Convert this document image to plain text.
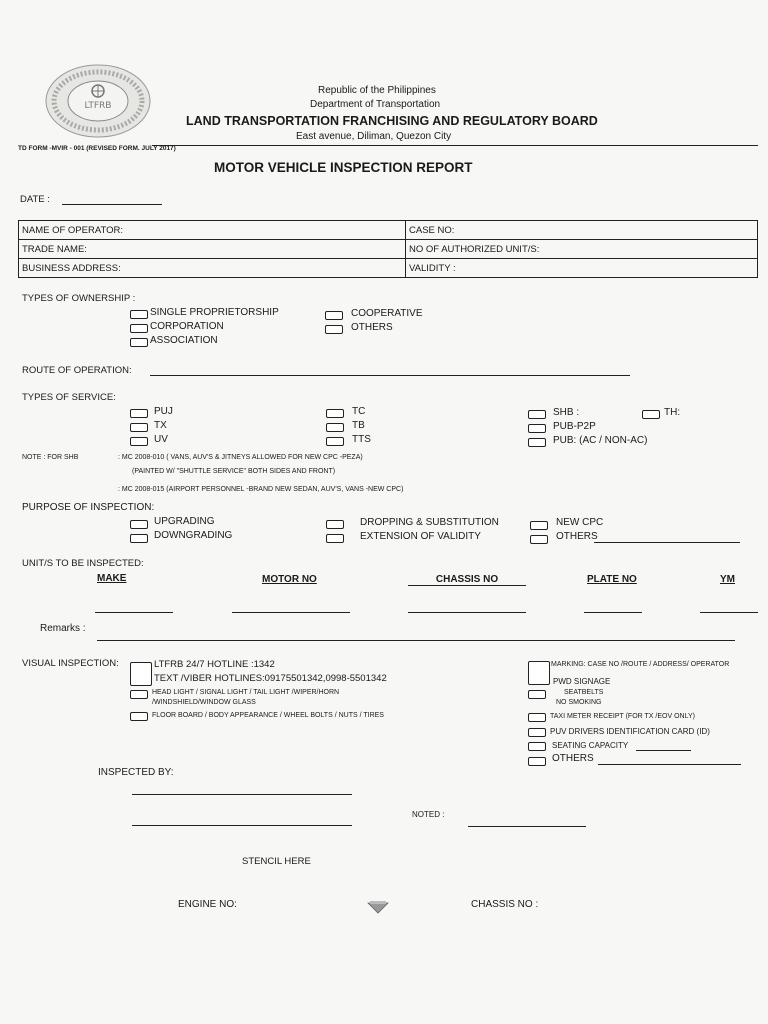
LTFRB
Republic of the Philippines
Department of Transportation
LAND TRANSPORTATION FRANCHISING AND REGULATORY BOARD
East avenue, Diliman, Quezon City
TD FORM -MVIR - 001 (REVISED FORM. JULY 2017)
MOTOR VEHICLE INSPECTION REPORT
DATE :
NAME OF OPERATOR:	CASE NO:
TRADE NAME:	NO OF AUTHORIZED UNIT/S:
BUSINESS ADDRESS:	VALIDITY :
TYPES OF OWNERSHIP :
SINGLE PROPRIETORSHIP
CORPORATION
ASSOCIATION
COOPERATIVE
OTHERS
ROUTE OF OPERATION:
TYPES OF SERVICE:
PUJ
TX
UV
TC
TB
TTS
SHB :
PUB-P2P
PUB: (AC / NON-AC)
TH:
NOTE : FOR SHB	: MC 2008-010 ( VANS, AUV'S & JITNEYS ALLOWED FOR NEW CPC -PEZA)
(PAINTED W/ "SHUTTLE SERVICE" BOTH SIDES AND FRONT)
: MC 2008-015 (AIRPORT PERSONNEL -BRAND NEW SEDAN, AUV'S, VANS -NEW CPC)
PURPOSE OF INSPECTION:
UPGRADING
DOWNGRADING
DROPPING & SUBSTITUTION
EXTENSION OF VALIDITY
NEW CPC
OTHERS
UNIT/S TO BE INSPECTED:
MAKE	MOTOR NO	CHASSIS NO	PLATE NO	YM
Remarks :
VISUAL INSPECTION:	LTFRB 24/7 HOTLINE :1342
TEXT /VIBER HOTLINES:09175501342,0998-5501342
HEAD LIGHT / SIGNAL LIGHT / TAIL LIGHT /WIPER/HORN
/WINDSHIELD/WINDOW GLASS
FLOOR BOARD / BODY APPEARANCE / WHEEL BOLTS / NUTS / TIRES
MARKING: CASE NO /ROUTE / ADDRESS/ OPERATOR
PWD SIGNAGE
SEATBELTS
NO SMOKING
TAXI METER RECEIPT (FOR TX /EOV ONLY)
PUV DRIVERS IDENTIFICATION CARD (ID)
SEATING CAPACITY
OTHERS
INSPECTED BY:
NOTED :
STENCIL HERE
ENGINE NO:	CHASSIS NO :
